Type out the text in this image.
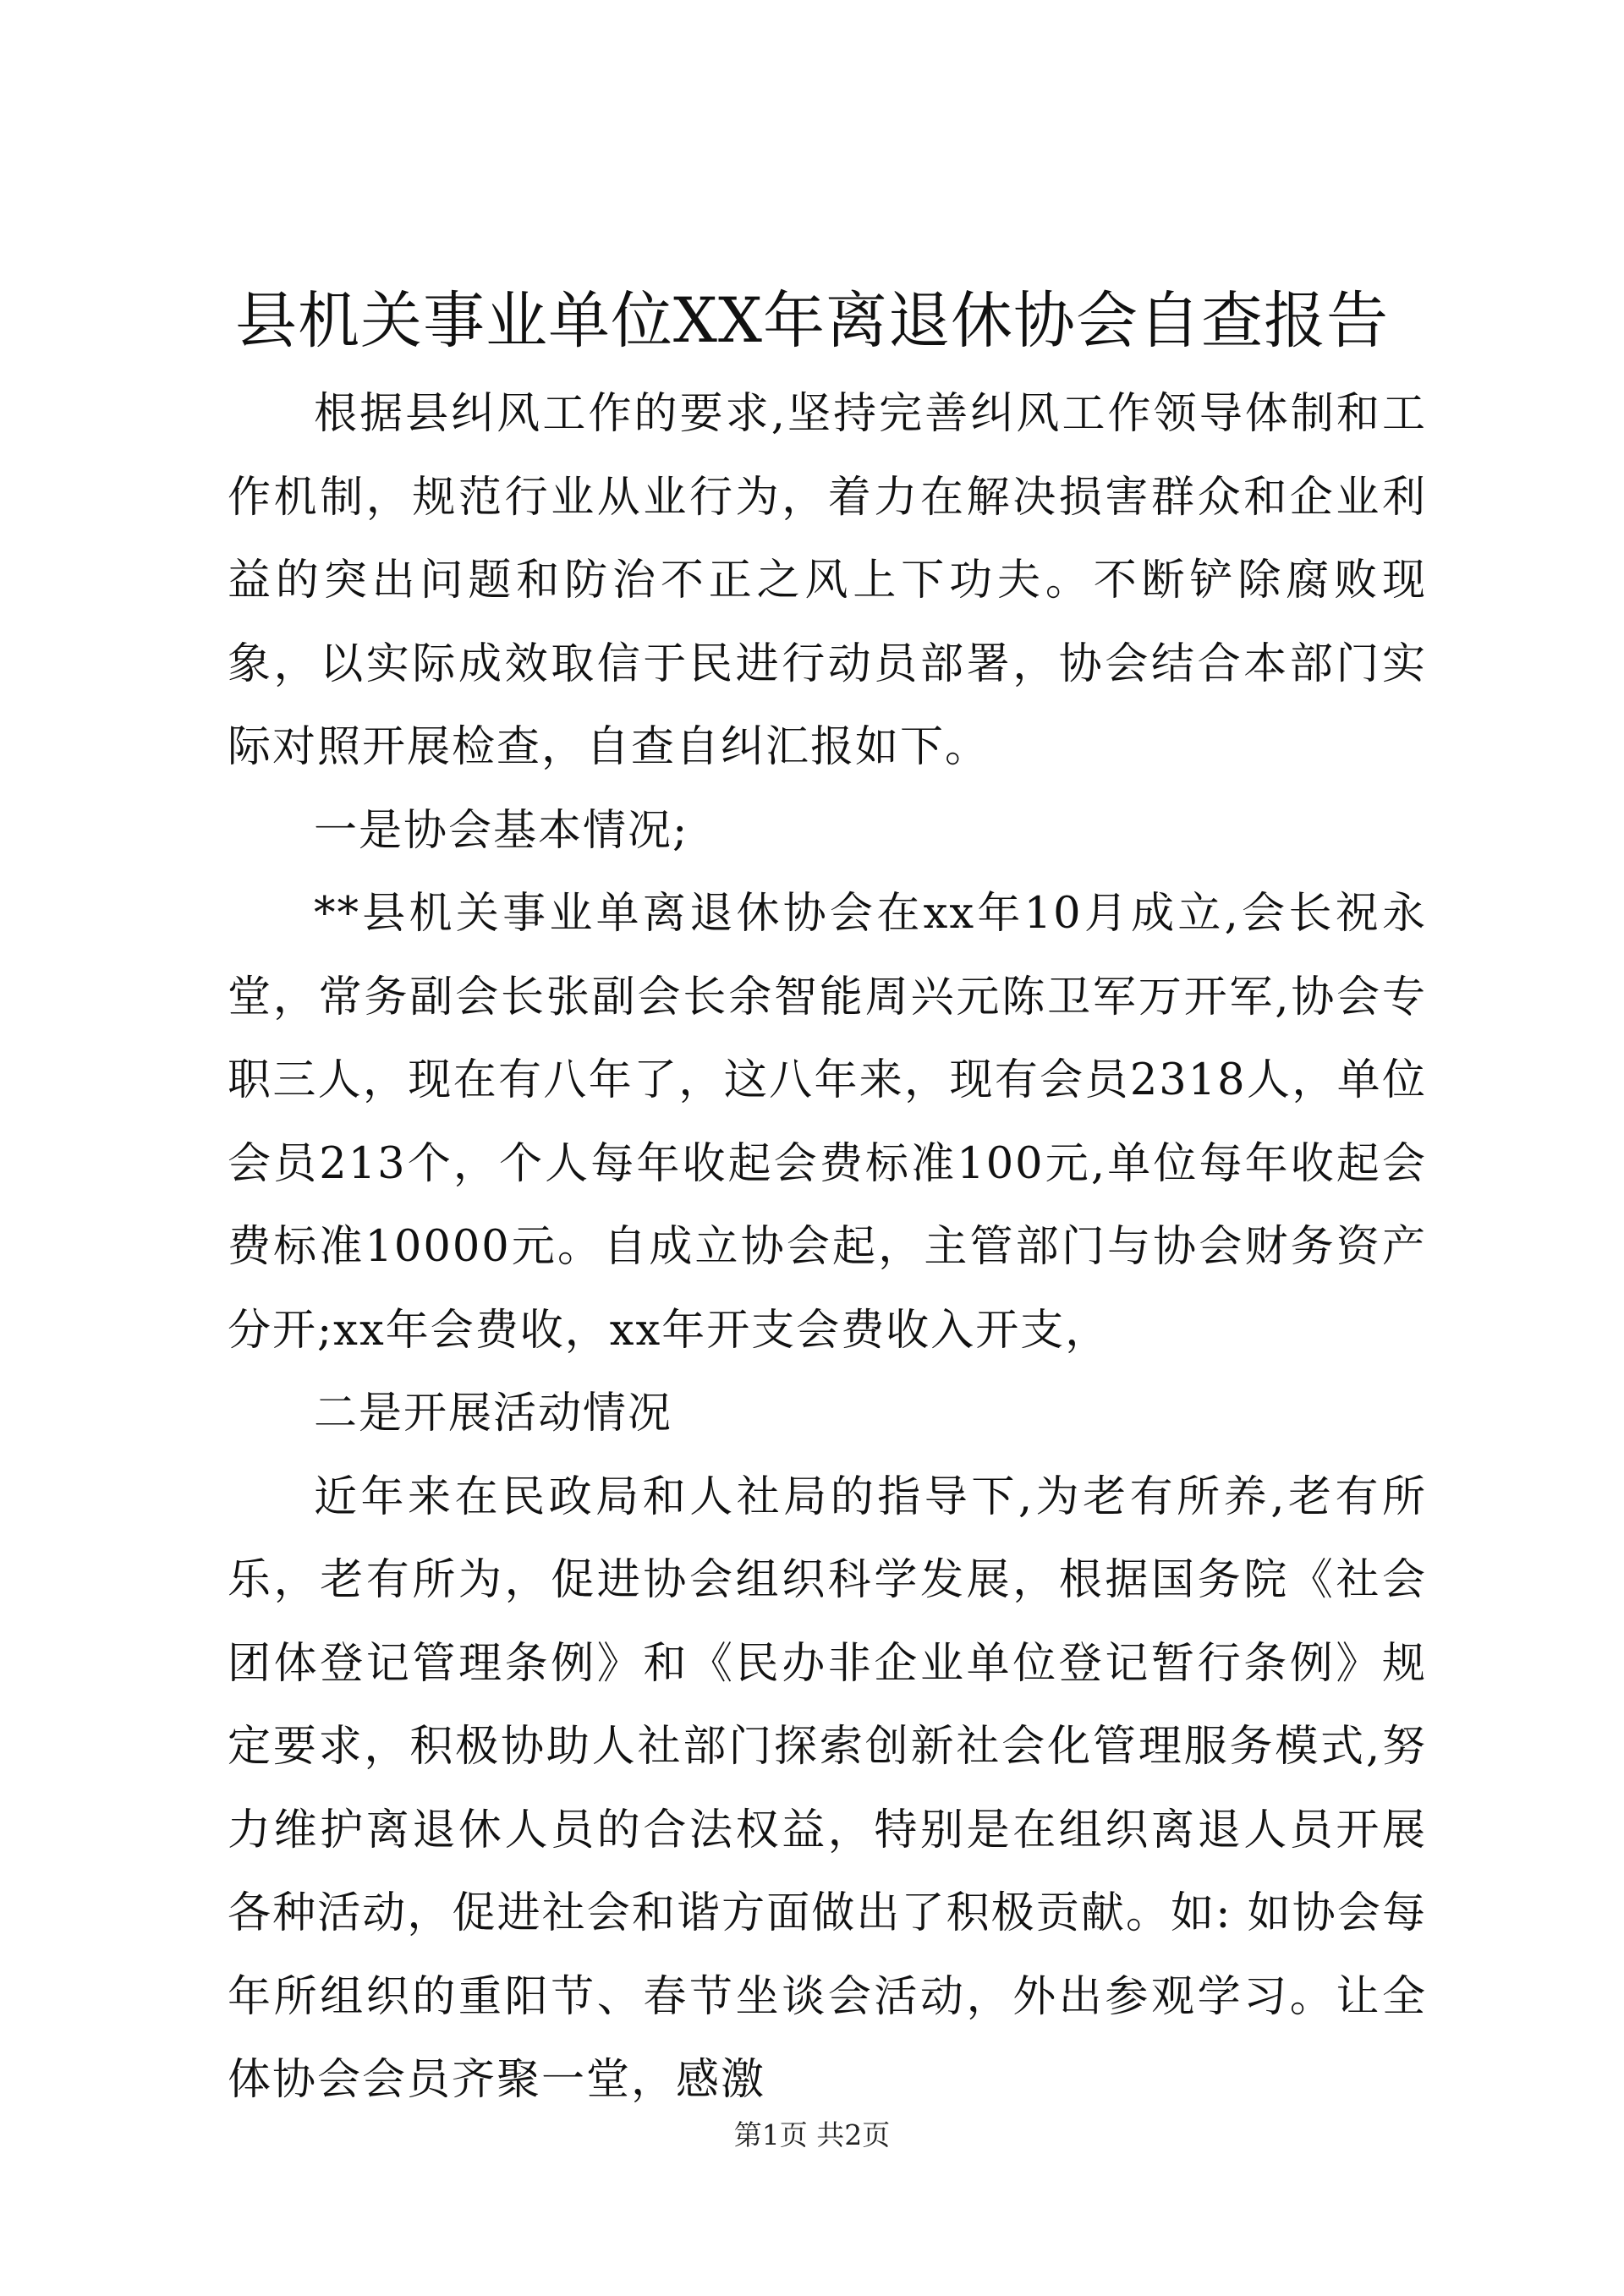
县机关事业单位XX年离退休协会自查报告

根据县纠风工作的要求,坚持完善纠风工作领导体制和工作机制，规范行业从业行为，着力在解决损害群众和企业利益的突出问题和防治不正之风上下功夫。不断铲除腐败现象，以实际成效取信于民进行动员部署，协会结合本部门实际对照开展检查，自查自纠汇报如下。

一是协会基本情况;

**县机关事业单离退休协会在xx年10月成立,会长祝永堂，常务副会长张副会长余智能周兴元陈卫军万开军,协会专职三人，现在有八年了，这八年来，现有会员2318人，单位会员213个，个人每年收起会费标准100元,单位每年收起会费标准10000元。自成立协会起，主管部门与协会财务资产分开;xx年会费收，xx年开支会费收入开支，

二是开展活动情况

近年来在民政局和人社局的指导下,为老有所养,老有所乐，老有所为，促进协会组织科学发展，根据国务院《社会团体登记管理条例》和《民办非企业单位登记暂行条例》规定要求，积极协助人社部门探索创新社会化管理服务模式,努力维护离退休人员的合法权益，特别是在组织离退人员开展各种活动，促进社会和谐方面做出了积极贡献。如: 如协会每年所组织的重阳节、春节坐谈会活动，外出参观学习。让全体协会会员齐聚一堂，感激

第1页 共2页
